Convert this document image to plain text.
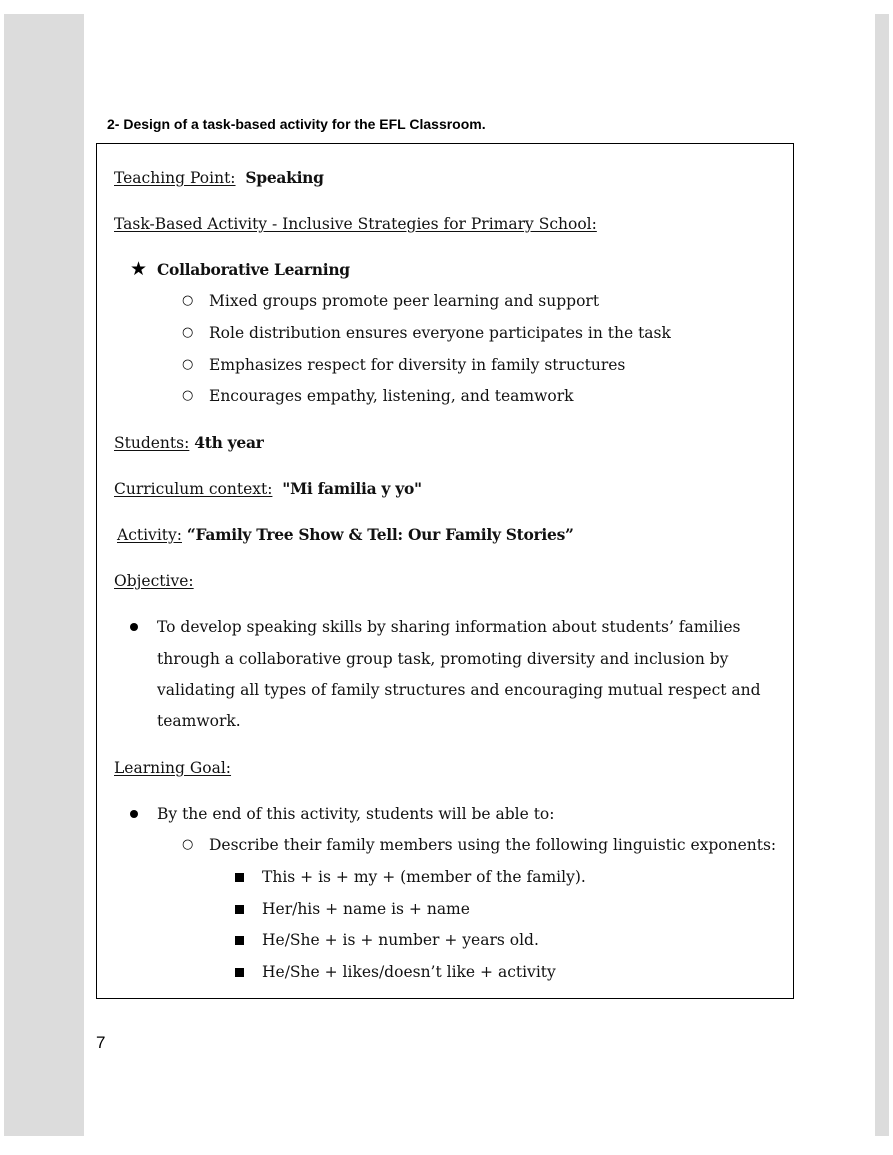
2- Design of a task-based activity for the EFL Classroom.
Teaching Point: Speaking
Task-Based Activity - Inclusive Strategies for Primary School:
★ Collaborative Learning
○ Mixed groups promote peer learning and support
○ Role distribution ensures everyone participates in the task
○ Emphasizes respect for diversity in family structures
○ Encourages empathy, listening, and teamwork
Students: 4th year
Curriculum context: "Mi familia y yo"
Activity: “Family Tree Show & Tell: Our Family Stories”
Objective:
To develop speaking skills by sharing information about students’ families
through a collaborative group task, promoting diversity and inclusion by
validating all types of family structures and encouraging mutual respect and
teamwork.
Learning Goal:
By the end of this activity, students will be able to:
○ Describe their family members using the following linguistic exponents:
This + is + my + (member of the family).
Her/his + name is + name
He/She + is + number + years old.
He/She + likes/doesn’t like + activity
7
